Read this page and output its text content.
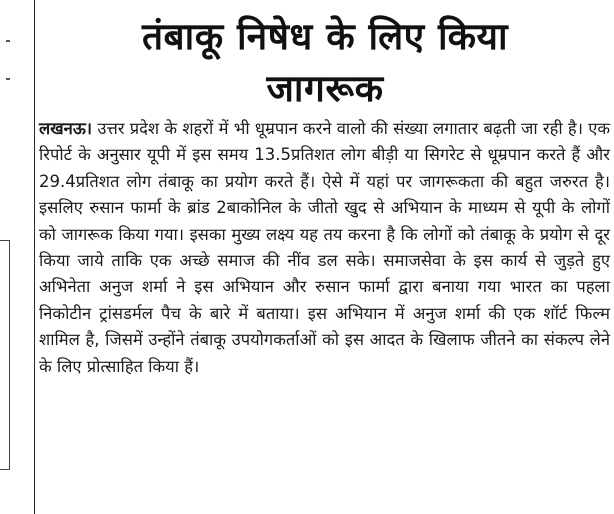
तंबाकू निषेध के लिए किया
जागरूक

लखनऊ। उत्तर प्रदेश के शहरों में भी धूम्रपान करने वालो की संख्या लगातार बढ़ती जा रही है। एक रिपोर्ट के अनुसार यूपी में इस समय 13.5प्रतिशत लोग बीड़ी या सिगरेट से धूम्रपान करते हैं और 29.4प्रतिशत लोग तंबाकू का प्रयोग करते हैं। ऐसे में यहां पर जागरूकता की बहुत जरुरत है। इसलिए रुसान फार्मा के ब्रांड 2बाकोनिल के जीतो खुद से अभियान के माध्यम से यूपी के लोगों को जागरूक किया गया। इसका मुख्य लक्ष्य यह तय करना है कि लोगों को तंबाकू के प्रयोग से दूर किया जाये ताकि एक अच्छे समाज की नींव डल सके। समाजसेवा के इस कार्य से जुड़ते हुए अभिनेता अनुज शर्मा ने इस अभियान और रुसान फार्मा द्वारा बनाया गया भारत का पहला निकोटीन ट्रांसडर्मल पैच के बारे में बताया। इस अभियान में अनुज शर्मा की एक शॉर्ट फिल्म शामिल है, जिसमें उन्होंने तंबाकू उपयोगकर्ताओं को इस आदत के खिलाफ जीतने का संकल्प लेने के लिए प्रोत्साहित किया हैं।
